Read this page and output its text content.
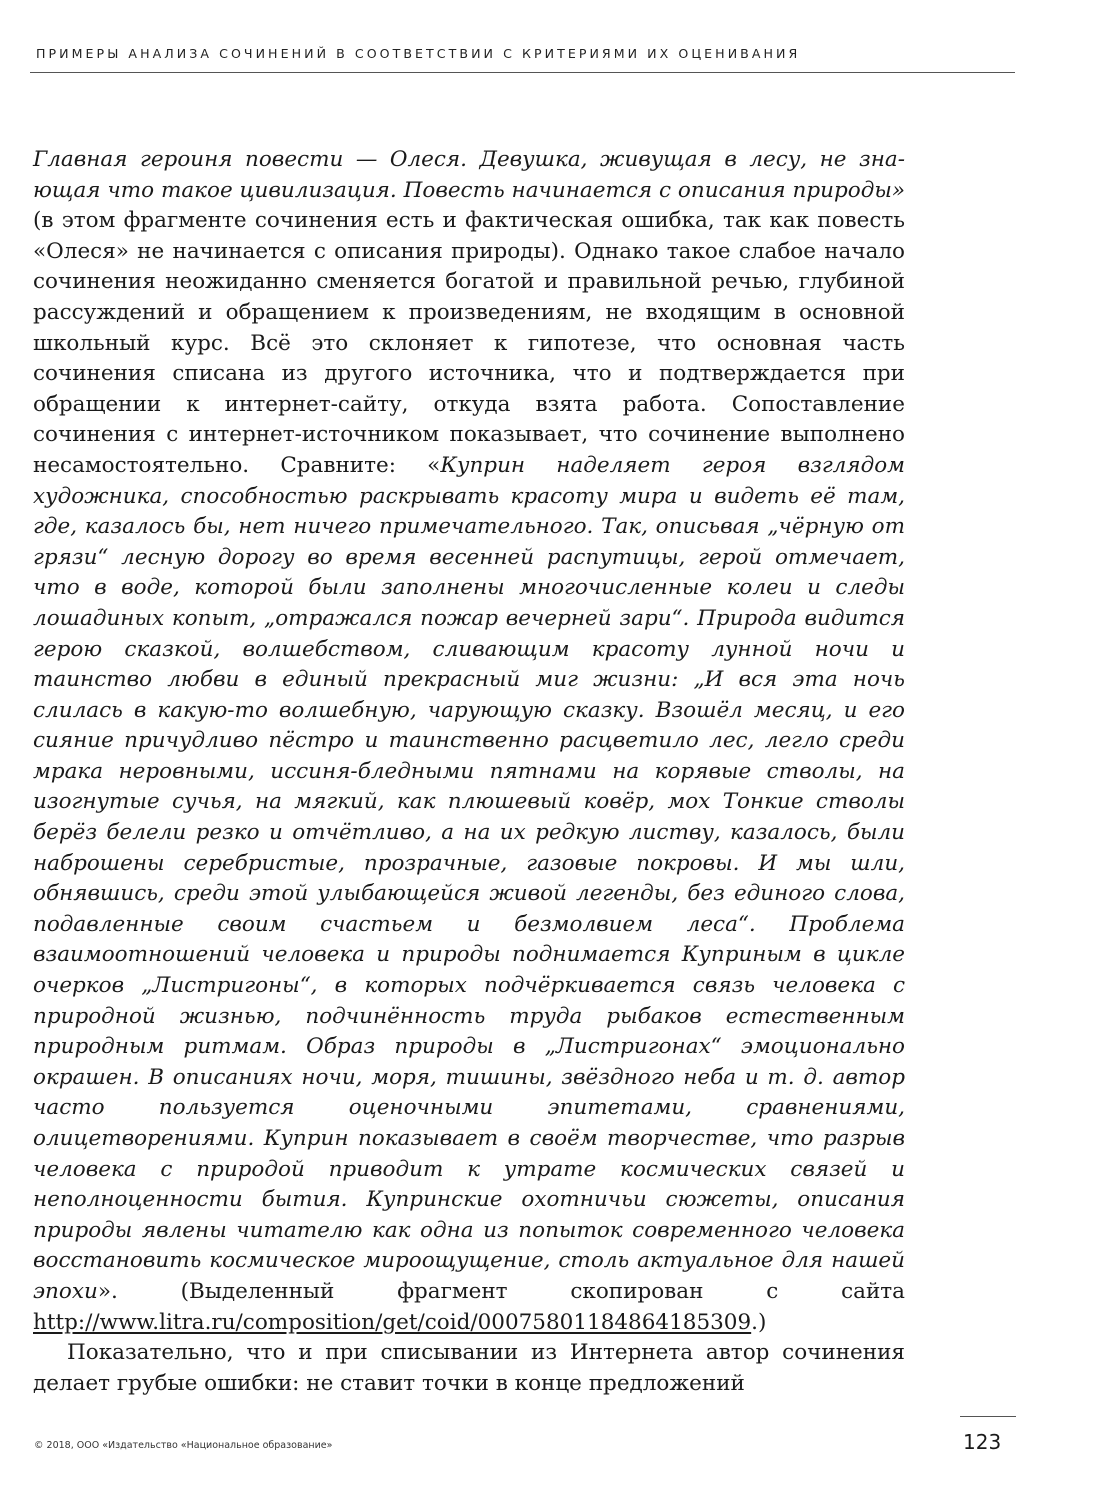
ПРИМЕРЫ АНАЛИЗА СОЧИНЕНИЙ В СООТВЕТСТВИИ С КРИТЕРИЯМИ ИХ ОЦЕНИВАНИЯ

Главная героиня повести — Олеся. Девушка, живущая в лесу, не знающая что такое цивилизация. Повесть начинается с описания природы» (в этом фрагменте сочинения есть и фактическая ошибка, так как повесть «Олеся» не начинается с описания природы). Однако такое слабое начало сочинения неожиданно сменяется богатой и правильной речью, глубиной рассуждений и обращением к произведениям, не входящим в основной школьный курс. Всё это склоняет к гипотезе, что основная часть сочинения списана из другого источника, что и подтверждается при обращении к интернет-сайту, откуда взята работа. Сопоставление сочинения с интернет-источником показывает, что сочинение выполнено несамостоятельно. Сравните: «Куприн наделяет героя взглядом художника, способностью раскрывать красоту мира и видеть её там, где, казалось бы, нет ничего примечательного. Так, описьвая „чёрную от грязи“ лесную дорогу во время весенней распутицы, герой отмечает, что в воде, которой были заполнены многочисленные колеи и следы лошадиных копыт, „отражался пожар вечерней зари“. Природа видится герою сказкой, волшебством, сливающим красоту лунной ночи и таинство любви в единый прекрасный миг жизни: „И вся эта ночь слилась в какую-то волшебную, чарующую сказку. Взошёл месяц, и его сияние причудливо пёстро и таинственно расцветило лес, легло среди мрака неровными, иссиня-бледными пятнами на корявые стволы, на изогнутые сучья, на мягкий, как плюшевый ковёр, мох Тонкие стволы берёз белели резко и отчётливо, а на их редкую листву, казалось, были наброшены серебристые, прозрачные, газовые покровы. И мы шли, обнявшись, среди этой улыбающейся живой легенды, без единого слова, подавленные своим счастьем и безмолвием леса“. Проблема взаимоотношений человека и природы поднимается Куприным в цикле очерков „Листригоны“, в которых подчёркивается связь человека с природной жизнью, подчинённость труда рыбаков естественным природным ритмам. Образ природы в „Листригонах“ эмоционально окрашен. В описаниях ночи, моря, тишины, звёздного неба и т. д. автор часто пользуется оценочными эпитетами, сравнениями, олицетворениями. Куприн показывает в своём творчестве, что разрыв человека с природой приводит к утрате космических связей и неполноценности бытия. Купринские охотничьи сюжеты, описания природы явлены читателю как одна из попыток современного человека восстановить космическое мироощущение, столь актуальное для нашей эпохи». (Выделенный фрагмент скопирован с сайта http://www.litra.ru/composition/get/coid/00075801184864185309.)

Показательно, что и при списывании из Интернета автор сочинения делает грубые ошибки: не ставит точки в конце предложений

© 2018, ООО «Издательство «Национальное образование»	123
